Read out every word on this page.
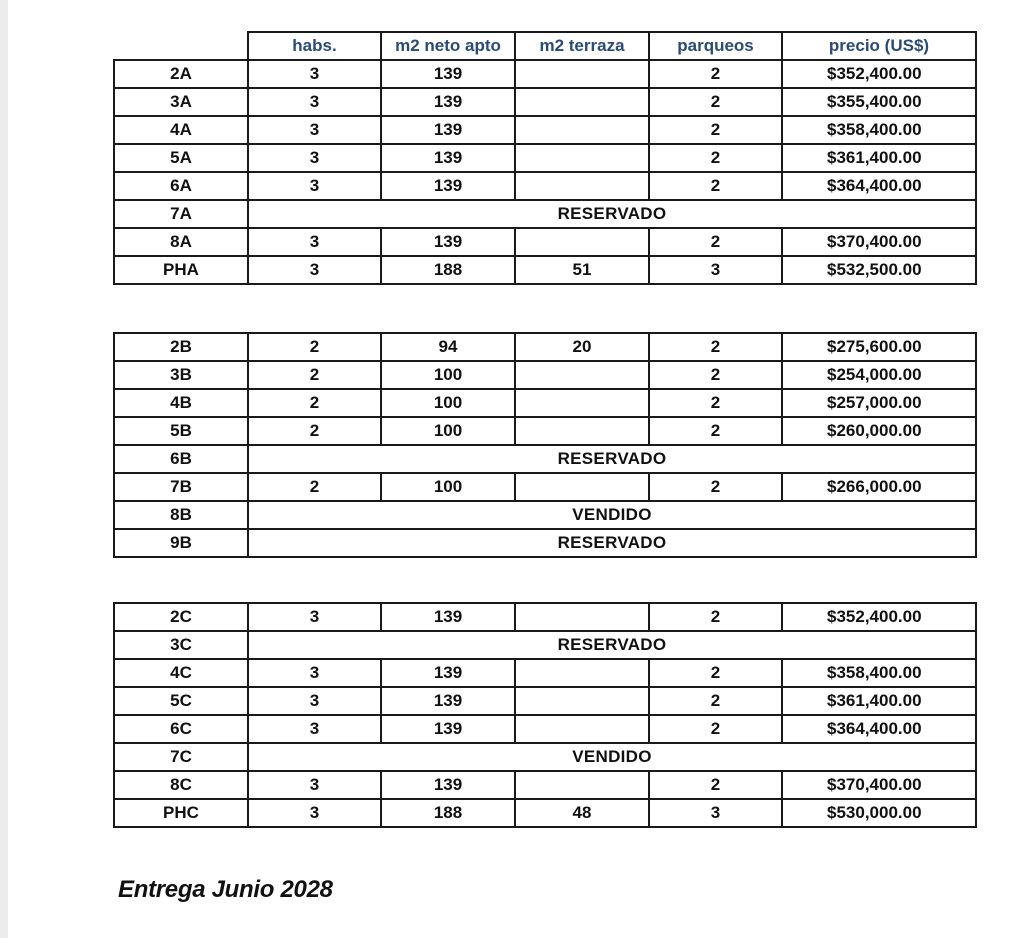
	habs.	m2 neto apto	m2 terraza	parqueos	precio (US$)
2A	3	139		2	$352,400.00
3A	3	139		2	$355,400.00
4A	3	139		2	$358,400.00
5A	3	139		2	$361,400.00
6A	3	139		2	$364,400.00
7A	RESERVADO				
8A	3	139		2	$370,400.00
PHA	3	188	51	3	$532,500.00
2B	2	94	20	2	$275,600.00
3B	2	100		2	$254,000.00
4B	2	100		2	$257,000.00
5B	2	100		2	$260,000.00
6B	RESERVADO				
7B	2	100		2	$266,000.00
8B	VENDIDO				
9B	RESERVADO				
2C	3	139		2	$352,400.00
3C	RESERVADO				
4C	3	139		2	$358,400.00
5C	3	139		2	$361,400.00
6C	3	139		2	$364,400.00
7C	VENDIDO				
8C	3	139		2	$370,400.00
PHC	3	188	48	3	$530,000.00
Entrega Junio 2028
